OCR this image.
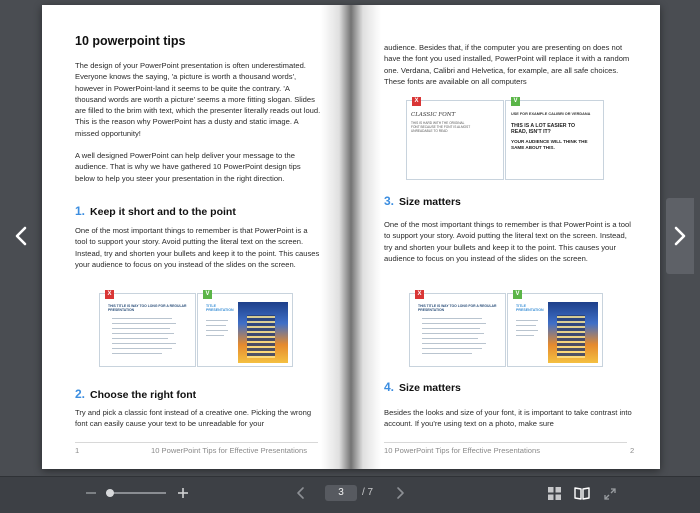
10 powerpoint tips

The design of your PowerPoint presentation is often underestimated. Everyone knows the saying, 'a picture is worth a thousand words', however in PowerPoint-land it seems to be quite the contrary. 'A thousand words are worth a picture' seems a more fitting slogan. Slides are filled to the brim with text, which the presenter literally reads out loud. This is the reason why PowerPoint has a dusty and static image. A missed opportunity!

A well designed PowerPoint can help deliver your message to the audience. That is why we have gathered 10 PowerPoint design tips below to help you steer your presentation in the right direction.

1. Keep it short and to the point

One of the most important things to remember is that PowerPoint is a tool to support your story. Avoid putting the literal text on the screen. Instead, try and shorten your bullets and keep it to the point. This causes your audience to focus on you instead of the slides on the screen.

X
THIS TITLE IS WAY TOO LONG FOR A REGULAR PRESENTATION
V
TITLE PRESENTATION
2. Choose the right font

Try and pick a classic font instead of a creative one. Picking the wrong font can easily cause your text to be unreadable for your

1	10 PowerPoint Tips for Effective Presentations

audience. Besides that, if the computer you are presenting on does not have the font you used installed, PowerPoint will replace it with a random one. Verdana, Calibri and Helvetica, for example, are all safe choices. These fonts are available on all computers

X
CLASSIC FONT
THIS IS HARD WITH THE ORIGINAL FONT BECAUSE THE FONT IS ALMOST UNREADABLE TO READ
V
USE FOR EXAMPLE CALIBRI OR VERDANA
THIS IS A LOT EASIER TO READ, ISN'T IT?
YOUR AUDIENCE WILL THINK THE SAME ABOUT THIS.
3. Size matters

One of the most important things to remember is that PowerPoint is a tool to support your story. Avoid putting the literal text on the screen. Instead, try and shorten your bullets and keep it to the point. This causes your audience to focus on you instead of the slides on the screen.

X
THIS TITLE IS WAY TOO LONG FOR A REGULAR PRESENTATION
V
TITLE PRESENTATION
4. Size matters

Besides the looks and size of your font, it is important to take contrast into account. If you're using text on a photo, make sure

10 PowerPoint Tips for Effective Presentations	2
3
/ 7
